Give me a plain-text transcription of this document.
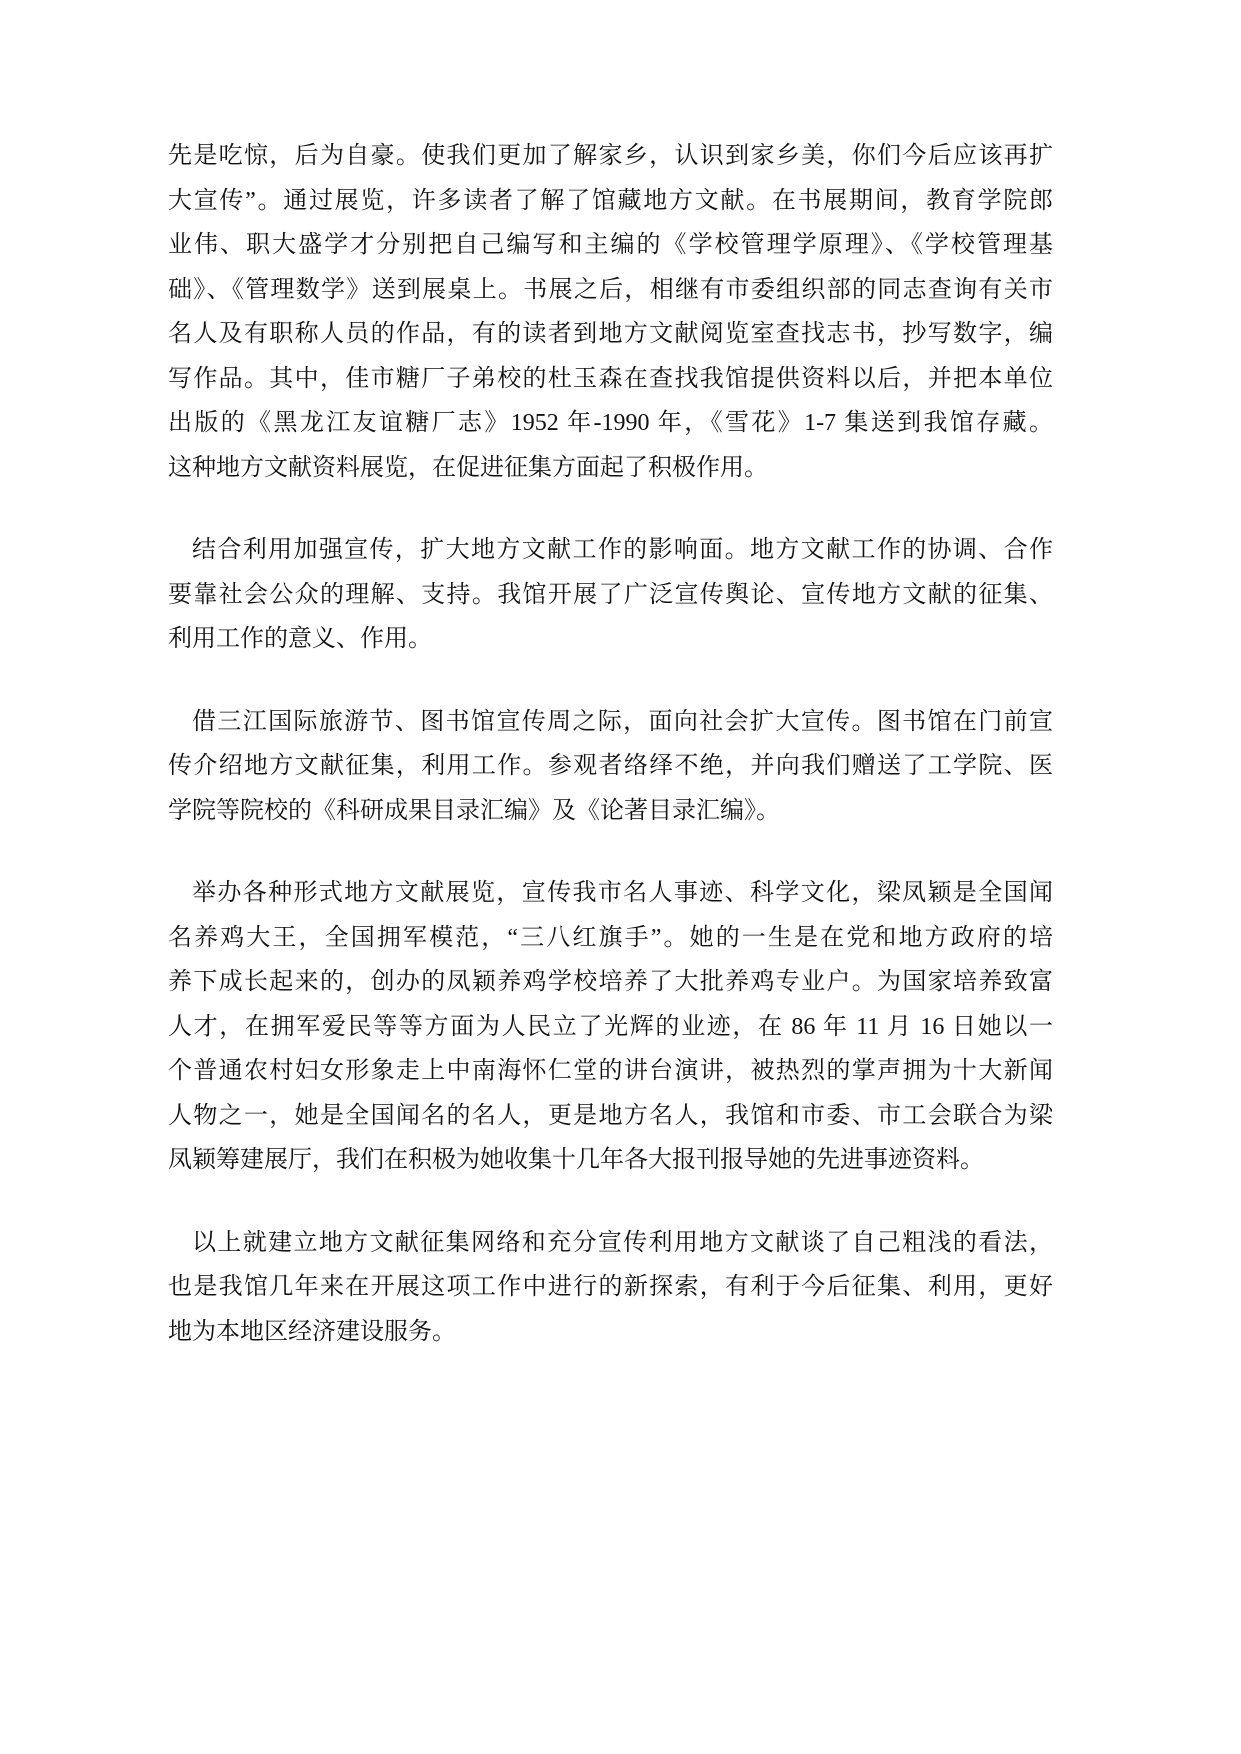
先是吃惊，后为自豪。使我们更加了解家乡，认识到家乡美，你们今后应该再扩
大宣传”。通过展览，许多读者了解了馆藏地方文献。在书展期间，教育学院郎
业伟、职大盛学才分别把自己编写和主编的《学校管理学原理》、《学校管理基
础》、《管理数学》送到展桌上。书展之后，相继有市委组织部的同志查询有关市
名人及有职称人员的作品，有的读者到地方文献阅览室查找志书，抄写数字，编
写作品。其中，佳市糖厂子弟校的杜玉森在查找我馆提供资料以后，并把本单位
出版的《黑龙江友谊糖厂志》1952 年-1990 年，《雪花》1-7 集送到我馆存藏。
这种地方文献资料展览，在促进征集方面起了积极作用。
结合利用加强宣传，扩大地方文献工作的影响面。地方文献工作的协调、合作
要靠社会公众的理解、支持。我馆开展了广泛宣传舆论、宣传地方文献的征集、
利用工作的意义、作用。
借三江国际旅游节、图书馆宣传周之际，面向社会扩大宣传。图书馆在门前宣
传介绍地方文献征集，利用工作。参观者络绎不绝，并向我们赠送了工学院、医
学院等院校的《科研成果目录汇编》及《论著目录汇编》。
举办各种形式地方文献展览，宣传我市名人事迹、科学文化，梁凤颖是全国闻
名养鸡大王，全国拥军模范，“三八红旗手”。她的一生是在党和地方政府的培
养下成长起来的，创办的凤颖养鸡学校培养了大批养鸡专业户。为国家培养致富
人才，在拥军爱民等等方面为人民立了光辉的业迹，在 86 年 11 月 16 日她以一
个普通农村妇女形象走上中南海怀仁堂的讲台演讲，被热烈的掌声拥为十大新闻
人物之一，她是全国闻名的名人，更是地方名人，我馆和市委、市工会联合为梁
凤颖筹建展厅，我们在积极为她收集十几年各大报刊报导她的先进事迹资料。
以上就建立地方文献征集网络和充分宣传利用地方文献谈了自己粗浅的看法，
也是我馆几年来在开展这项工作中进行的新探索，有利于今后征集、利用，更好
地为本地区经济建设服务。
